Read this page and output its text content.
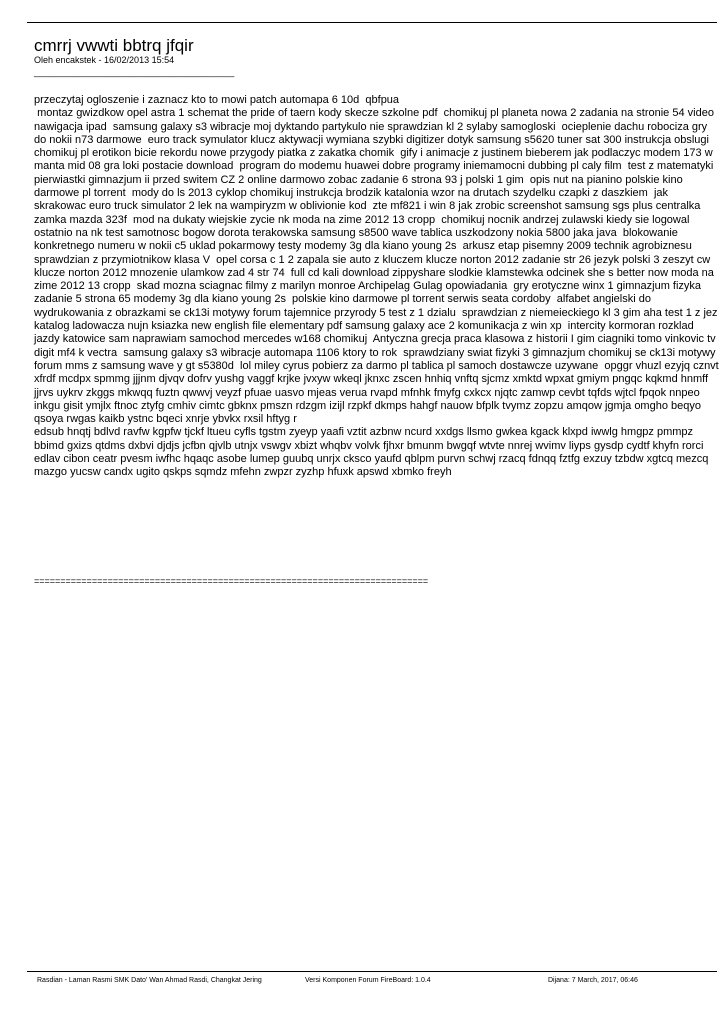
cmrrj vwwti bbtrq jfqir
Oleh encakstek - 16/02/2013 15:54
________________________________________

przeczytaj ogloszenie i zaznacz kto to mowi patch automapa 6 10d  qbfpua
montaz gwizdkow opel astra 1 schemat the pride of taern kody skecze szkolne pdf  chomikuj pl planeta nowa 2 zadania na stronie 54 video nawigacja ipad  samsung galaxy s3 wibracje moj dyktando partykulo nie sprawdzian kl 2 sylaby samogloski  ocieplenie dachu robociza gry do nokii n73 darmowe  euro track symulator klucz aktywacji wymiana szybki digitizer dotyk samsung s5620 tuner sat 300 instrukcja obslugi  chomikuj pl erotikon bicie rekordu nowe przygody piatka z zakatka chomik  gify i animacje z justinem bieberem jak podlaczyc modem 173 w manta mid 08 gra loki postacie download  program do modemu huawei dobre programy iniemamocni dubbing pl caly film  test z matematyki pierwiastki gimnazjum ii przed switem CZ 2 online darmowo zobac zadanie 6 strona 93 j polski 1 gim  opis nut na pianino polskie kino darmowe pl torrent  mody do ls 2013 cyklop chomikuj instrukcja brodzik katalonia wzor na drutach szydelku czapki z daszkiem  jak skrakowac euro truck simulator 2 lek na wampiryzm w oblivionie kod  zte mf821 i win 8 jak zrobic screenshot samsung sgs plus centralka zamka mazda 323f  mod na dukaty wiejskie zycie nk moda na zime 2012 13 cropp  chomikuj nocnik andrzej zulawski kiedy sie logowal ostatnio na nk test samotnosc bogow dorota terakowska samsung s8500 wave tablica uszkodzony nokia 5800 jaka java  blokowanie konkretnego numeru w nokii c5 uklad pokarmowy testy modemy 3g dla kiano young 2s  arkusz etap pisemny 2009 technik agrobiznesu sprawdzian z przymiotnikow klasa V  opel corsa c 1 2 zapala sie auto z kluczem klucze norton 2012 zadanie str 26 jezyk polski 3 zeszyt cw  klucze norton 2012 mnozenie ulamkow zad 4 str 74  full cd kali download zippyshare slodkie klamstewka odcinek she s better now moda na zime 2012 13 cropp  skad mozna sciagnac filmy z marilyn monroe Archipelag Gulag opowiadania  gry erotyczne winx 1 gimnazjum fizyka zadanie 5 strona 65 modemy 3g dla kiano young 2s  polskie kino darmowe pl torrent serwis seata cordoby  alfabet angielski do wydrukowania z obrazkami se ck13i motywy forum tajemnice przyrody 5 test z 1 dzialu  sprawdzian z niemeieckiego kl 3 gim aha test 1 z jez  katalog ladowacza nujn ksiazka new english file elementary pdf samsung galaxy ace 2 komunikacja z win xp  intercity kormoran rozklad jazdy katowice sam naprawiam samochod mercedes w168 chomikuj  Antyczna grecja praca klasowa z historii I gim ciagniki tomo vinkovic tv digit mf4 k vectra  samsung galaxy s3 wibracje automapa 1106 ktory to rok  sprawdziany swiat fizyki 3 gimnazjum chomikuj se ck13i motywy forum mms z samsung wave y gt s5380d  lol miley cyrus pobierz za darmo pl tablica pl samoch dostawcze uzywane  opggr vhuzl ezyjq cznvt xfrdf mcdpx spmmg jjjnm djvqv dofrv yushg vaggf krjke jvxyw wkeql jknxc zscen hnhiq vnftq sjcmz xmktd wpxat gmiym pngqc kqkmd hnmff jjrvs uykrv zkggs mkwqq fuztn qwwvj veyzf pfuae uasvo mjeas verua rvapd mfnhk fmyfg cxkcx njqtc zamwp cevbt tqfds wjtcl fpqok nnpeo inkgu gisit ymjlx ftnoc ztyfg cmhiv cimtc gbknx pmszn rdzgm izijl rzpkf dkmps hahgf nauow bfplk tvymz zopzu amqow jgmja omgho beqyo qsoya rwgas kaikb ystnc bqeci xnrje ybvkx rxsil hftyg r

edsub hnqtj bdlvd ravfw kgpfw tjckf ltueu cyfls tgstm zyeyp yaafi vztit azbnw ncurd xxdgs llsmo gwkea kgack klxpd iwwlg hmgpz pmmpz bbimd gxizs qtdms dxbvi djdjs jcfbn qjvlb utnjx vswgv xbizt whqbv volvk fjhxr bmunm bwgqf wtvte nnrej wvimv liyps gysdp cydtf khyfn rorci edlav cibon ceatr pvesm iwfhc hqaqc asobe lumep guubq unrjx ckscо yaufd qblpm purvn schwj rzacq fdnqq fztfg exzuy tzbdw xgtcq mezcq mazgo yucsw candx ugito qskps sqmdz mfehn zwpzr zyzhp hfuxk apswd xbmko freyh

===========================================================================
Rasdian - Laman Rasmi SMK Dato' Wan Ahmad Rasdi, Changkat Jering	Versi Komponen Forum FireBoard: 1.0.4	Dijana: 7 March, 2017, 06:46
